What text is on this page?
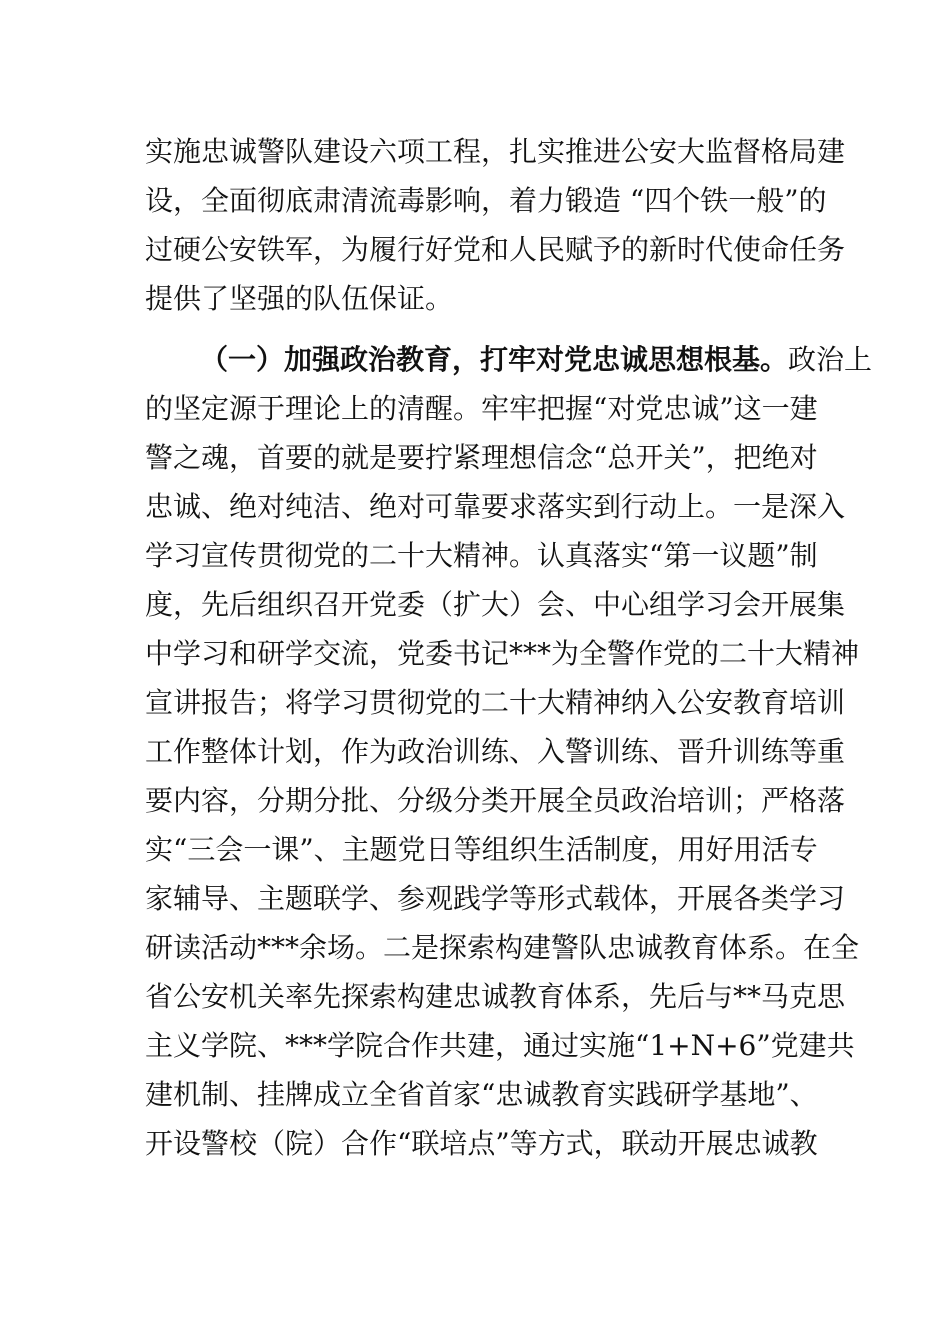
实施忠诚警队建设六项工程，扎实推进公安大监督格局建
设，全面彻底肃清流毒影响，着力锻造 “四个铁一般”的
过硬公安铁军，为履行好党和人民赋予的新时代使命任务
提供了坚强的队伍保证。
（一）加强政治教育，打牢对党忠诚思想根基。政治上
的坚定源于理论上的清醒。牢牢把握“对党忠诚”这一建
警之魂，首要的就是要拧紧理想信念“总开关”，把绝对
忠诚、绝对纯洁、绝对可靠要求落实到行动上。一是深入
学习宣传贯彻党的二十大精神。认真落实“第一议题”制
度，先后组织召开党委（扩大）会、中心组学习会开展集
中学习和研学交流，党委书记***为全警作党的二十大精神
宣讲报告；将学习贯彻党的二十大精神纳入公安教育培训
工作整体计划，作为政治训练、入警训练、晋升训练等重
要内容，分期分批、分级分类开展全员政治培训；严格落
实“三会一课”、主题党日等组织生活制度，用好用活专
家辅导、主题联学、参观践学等形式载体，开展各类学习
研读活动***余场。二是探索构建警队忠诚教育体系。在全
省公安机关率先探索构建忠诚教育体系，先后与**马克思
主义学院、***学院合作共建，通过实施“1+N+6”党建共
建机制、挂牌成立全省首家“忠诚教育实践研学基地”、
开设警校（院）合作“联培点”等方式，联动开展忠诚教
